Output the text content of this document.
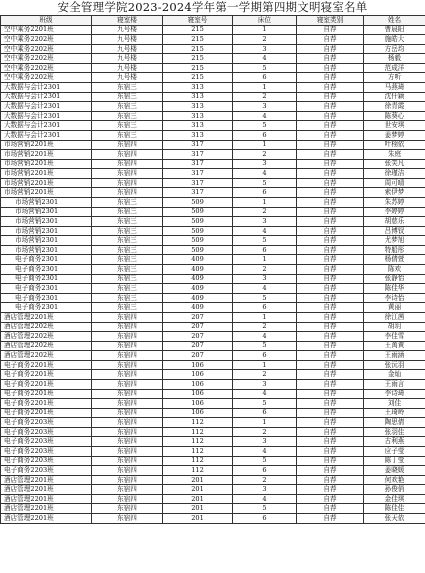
安全管理学院2023-2024学年第一学期第四期文明寝室名单
班级	寝室楼	寝室号	床位	寝室类别	姓名
空中乘务2201班	九号楼	215	1	自荐	曹晨阳
空中乘务2202班	九号楼	215	2	自荐	施皓大
空中乘务2202班	九号楼	215	3	自荐	方岳均
空中乘务2202班	九号楼	215	4	自荐	杨毅
空中乘务2202班	九号楼	215	5	自荐	范成洋
空中乘务2202班	九号楼	215	6	自荐	方听
大数据与会计2301	东宿三	313	1	自荐	马燕琦
大数据与会计2301	东宿三	313	2	自荐	沈仟颖
大数据与会计2301	东宿三	313	3	自荐	徐青霞
大数据与会计2301	东宿三	313	4	自荐	陈葵心
大数据与会计2301	东宿三	313	5	自荐	世安琪
大数据与会计2301	东宿三	313	6	自荐	姜梦婷
市场营销2201班	东宿四	317	1	自荐	叶栩依
市场营销2201班	东宿四	317	2	自荐	朱庭
市场营销2201班	东宿四	317	3	自荐	张笑凡
市场营销2201班	东宿四	317	4	自荐	徐瑾洁
市场营销2201班	东宿四	317	5	自荐	周可晴
市场营销2201班	东宿四	317	6	自荐	索伊梦
市场营销2301	东宿三	509	1	自荐	朱苏婷
市场营销2301	东宿三	509	2	自荐	李婷婷
市场营销2301	东宿三	509	3	自荐	胡慈乐
市场营销2301	东宿三	509	4	自荐	吕博钗
市场营销2301	东宿三	509	5	自荐	尤梦旭
市场营销2301	东宿三	509	6	自荐	特船彤
电子商务2301	东宿三	409	1	自荐	杨倩萱
电子商务2301	东宿三	409	2	自荐	陈欢
电子商务2301	东宿三	409	3	自荐	张静怡
电子商务2301	东宿三	409	4	自荐	陈佳华
电子商务2301	东宿三	409	5	自荐	李诗怡
电子商务2301	东宿三	409	6	自荐	黄丽
酒店管理2201班	东宿四	207	1	自荐	徐江茜
酒店管理2202班	东宿四	207	2	自荐	胡玥
酒店管理2202班	东宿四	207	4	自荐	李佳雪
酒店管理2202班	东宿四	207	5	自荐	王萬黄
酒店管理2202班	东宿四	207	6	自荐	王雨涵
电子商务2201班	东宿四	106	1	自荐	张沅羽
电子商务2201班	东宿四	106	2	自荐	金灿
电子商务2201班	东宿四	106	3	自荐	王雨言
电子商务2201班	东宿四	106	4	自荐	李诗琦
电子商务2201班	东宿四	106	5	自荐	刘佳
电子商务2201班	东宿四	106	6	自荐	王琦岭
电子商务2203班	东宿四	112	1	自荐	陶思倩
电子商务2203班	东宿四	112	2	自荐	张羽佳
电子商务2203班	东宿四	112	3	自荐	古利燕
电子商务2203班	东宿四	112	4	自荐	应子莹
电子商务2203班	东宿四	112	5	自荐	陈丁莹
电子商务2203班	东宿四	112	6	自荐	姜晓媛
酒店管理2201班	东宿四	201	2	自荐	何欢艳
酒店管理2201班	东宿四	201	3	自荐	孙俊俏
酒店管理2201班	东宿四	201	4	自荐	金佳琪
酒店管理2201班	东宿四	201	5	自荐	陈佳佳
酒店管理2201班	东宿四	201	6	自荐	张天依
